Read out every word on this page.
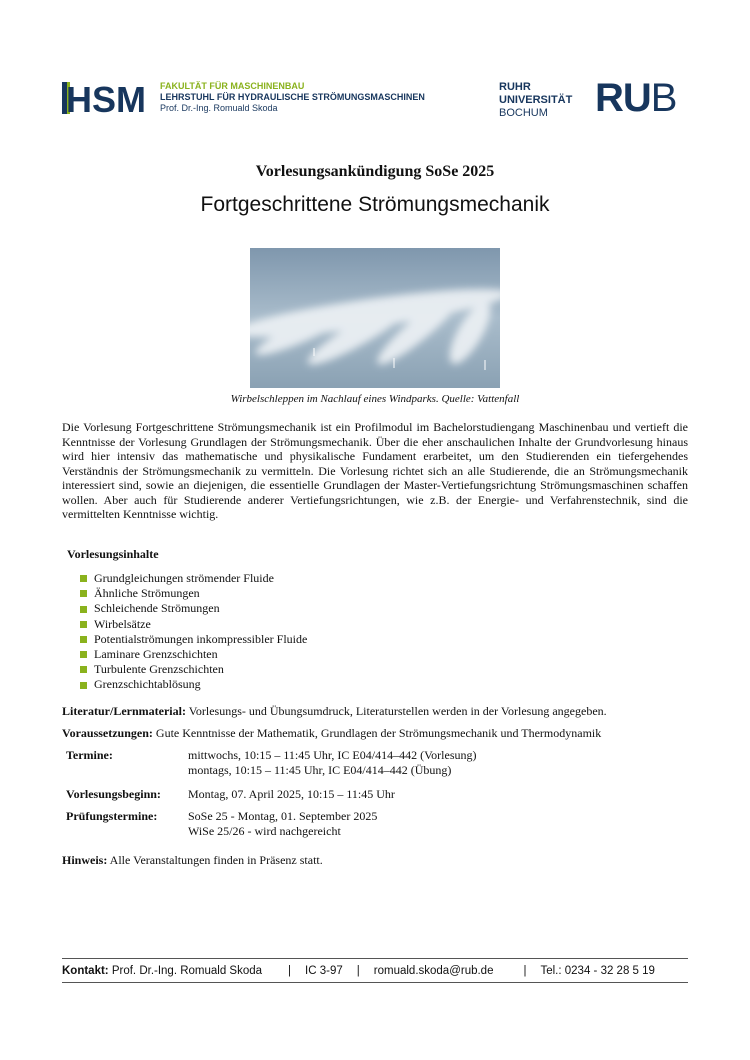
HSM FAKULTÄT FÜR MASCHINENBAU
LEHRSTUHL FÜR HYDRAULISCHE STRÖMUNGSMASCHINEN
Prof. Dr.-Ing. Romuald Skoda
RUHR
UNIVERSITÄT
BOCHUM	RUB
Vorlesungsankündigung SoSe 2025
Fortgeschrittene Strömungsmechanik
Wirbelschleppen im Nachlauf eines Windparks. Quelle: Vattenfall
Die Vorlesung Fortgeschrittene Strömungsmechanik ist ein Profilmodul im Bachelorstudiengang Maschinenbau und vertieft die Kenntnisse der Vorlesung Grundlagen der Strömungsmechanik. Über die eher anschaulichen Inhalte der Grundvorlesung hinaus wird hier intensiv das mathematische und physikalische Fundament erarbeitet, um den Studierenden ein tiefergehendes Verständnis der Strömungsmechanik zu vermitteln. Die Vorlesung richtet sich an alle Studierende, die an Strömungsmechanik interessiert sind, sowie an diejenigen, die essentielle Grundlagen der Master-Vertiefungsrichtung Strömungsmaschinen schaffen wollen. Aber auch für Studierende anderer Vertiefungsrichtungen, wie z.B. der Energie- und Verfahrenstechnik, sind die vermittelten Kenntnisse wichtig.
Vorlesungsinhalte
Grundgleichungen strömender Fluide
Ähnliche Strömungen
Schleichende Strömungen
Wirbelsätze
Potentialströmungen inkompressibler Fluide
Laminare Grenzschichten
Turbulente Grenzschichten
Grenzschichtablösung
Literatur/Lernmaterial: Vorlesungs- und Übungsumdruck, Literaturstellen werden in der Vorlesung angegeben.
Voraussetzungen: Gute Kenntnisse der Mathematik, Grundlagen der Strömungsmechanik und Thermodynamik
Termine:	mittwochs, 10:15 – 11:45 Uhr, IC E04/414–442 (Vorlesung)
montags, 10:15 – 11:45 Uhr, IC E04/414–442 (Übung)
Vorlesungsbeginn: Montag, 07. April 2025, 10:15 – 11:45 Uhr
Prüfungstermine:	SoSe 25 - Montag, 01. September 2025
WiSe 25/26 - wird nachgereicht
Hinweis: Alle Veranstaltungen finden in Präsenz statt.
Kontakt: Prof. Dr.-Ing. Romuald Skoda | IC 3-97 | romuald.skoda@rub.de	| Tel.: 0234 - 32 28 5 19
